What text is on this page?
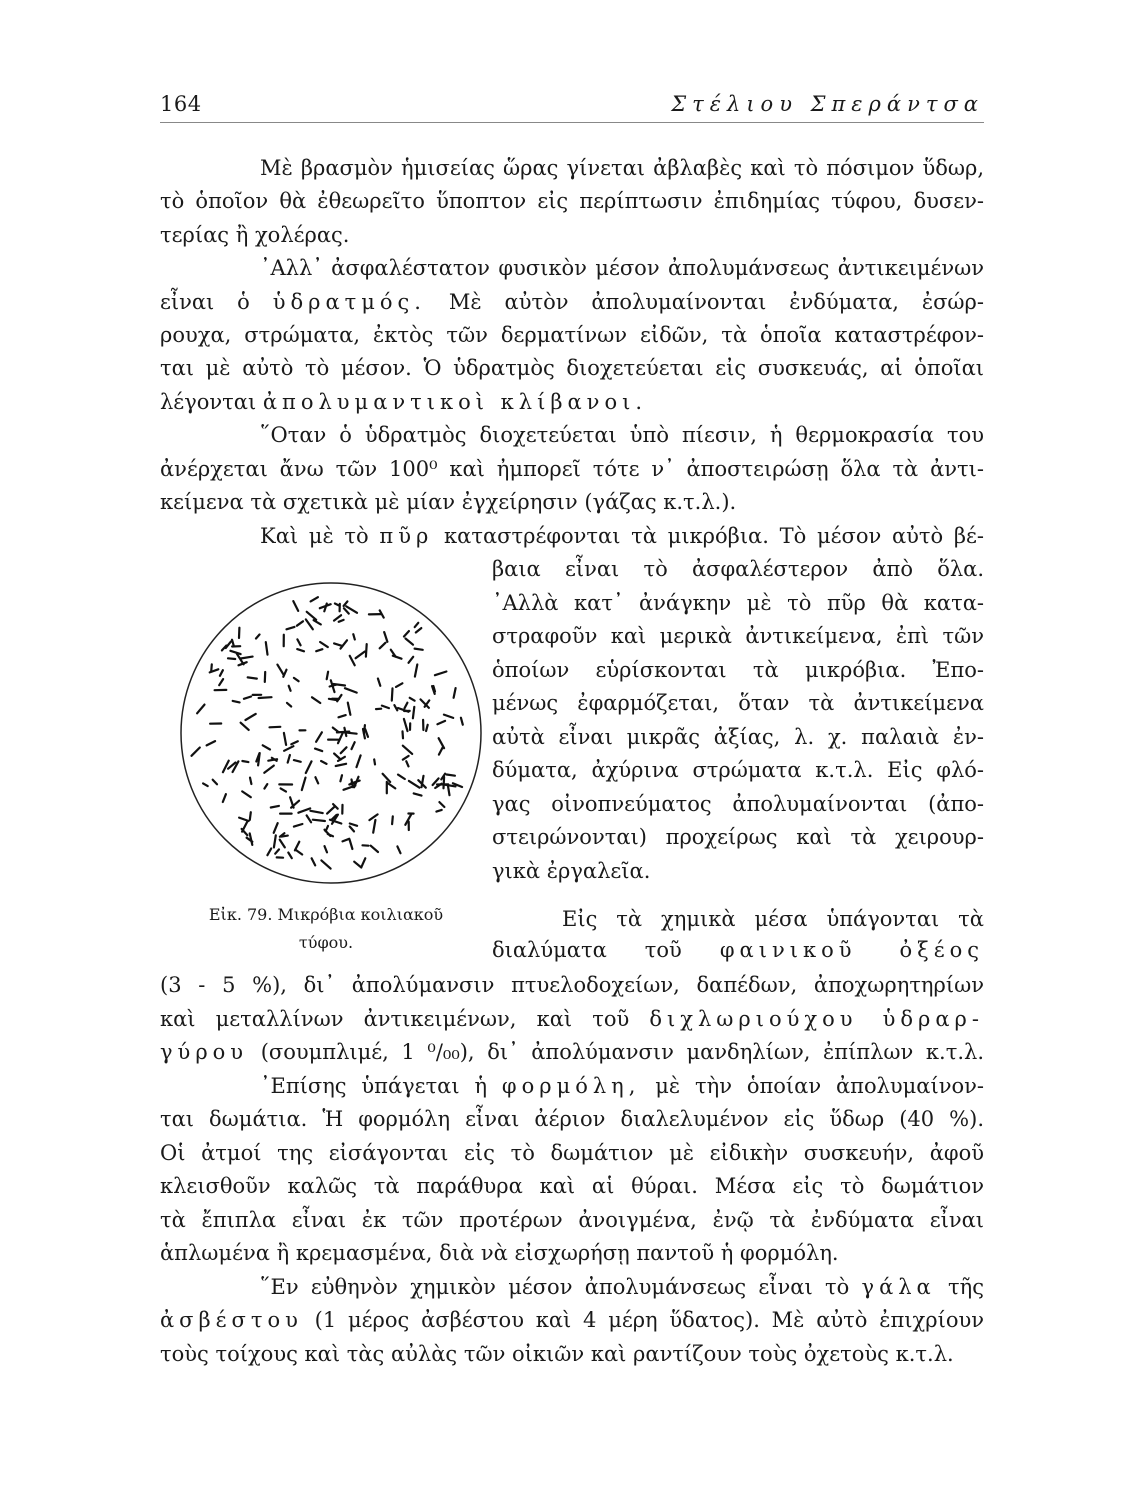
164	Στέλιου Σπεράντσα
Μὲ βρασμὸν ἡμισείας ὥρας γίνεται ἀβλαβὲς καὶ τὸ πόσιμον ὕδωρ,
τὸ ὁποῖον θὰ ἐθεωρεῖτο ὕποπτον εἰς περίπτωσιν ἐπιδημίας τύφου, δυσεν-
τερίας ἢ χολέρας.
᾿Αλλ᾿ ἀσφαλέστατον φυσικὸν μέσον ἀπολυμάνσεως ἀντικειμένων
εἶναι ὁ ὑδρατμός. Μὲ αὐτὸν ἀπολυμαίνονται ἐνδύματα, ἐσώρ-
ρουχα, στρώματα, ἐκτὸς τῶν δερματίνων εἰδῶν, τὰ ὁποῖα καταστρέφον-
ται μὲ αὐτὸ τὸ μέσον. Ὁ ὑδρατμὸς διοχετεύεται εἰς συσκευάς, αἱ ὁποῖαι
λέγονται ἀπολυμαντικοὶ κλίβανοι.
῞Οταν ὁ ὑδρατμὸς διοχετεύεται ὑπὸ πίεσιν, ἡ θερμοκρασία του
ἀνέρχεται ἄνω τῶν 100⁰ καὶ ἠμπορεῖ τότε ν᾿ ἀποστειρώσῃ ὅλα τὰ ἀντι-
κείμενα τὰ σχετικὰ μὲ μίαν ἐγχείρησιν (γάζας κ.τ.λ.).
Καὶ μὲ τὸ πῦρ καταστρέφονται τὰ μικρόβια. Τὸ μέσον αὐτὸ βέ-
βαια εἶναι τὸ ἀσφαλέστερον ἀπὸ ὅλα.
᾿Αλλὰ κατ᾿ ἀνάγκην μὲ τὸ πῦρ θὰ κατα-
στραφοῦν καὶ μερικὰ ἀντικείμενα, ἐπὶ τῶν
ὁποίων εὑρίσκονται τὰ μικρόβια. Ἐπο-
μένως ἐφαρμόζεται, ὅταν τὰ ἀντικείμενα
αὐτὰ εἶναι μικρᾶς ἀξίας, λ. χ. παλαιὰ ἐν-
δύματα, ἀχύρινα στρώματα κ.τ.λ. Εἰς φλό-
γας οἰνοπνεύματος ἀπολυμαίνονται (ἀπο-
στειρώνονται) προχείρως καὶ τὰ χειρουρ-
γικὰ ἐργαλεῖα.
Εἰκ. 79. Μικρόβια κοιλιακοῦ
τύφου.
Εἰς τὰ χημικὰ μέσα ὑπάγονται τὰ
διαλύματα τοῦ φαινικοῦ ὀξέος
(3 - 5 %), δι᾿ ἀπολύμανσιν πτυελοδοχείων, δαπέδων, ἀποχωρητηρίων
καὶ μεταλλίνων ἀντικειμένων, καὶ τοῦ διχλωριούχου ὑδραρ-
γύρου (σουμπλιμέ, 1 ⁰/₀₀), δι᾿ ἀπολύμανσιν μανδηλίων, ἐπίπλων κ.τ.λ.
᾿Επίσης ὑπάγεται ἡ φορμόλη, μὲ τὴν ὁποίαν ἀπολυμαίνον-
ται δωμάτια. Ἡ φορμόλη εἶναι ἀέριον διαλελυμένον εἰς ὕδωρ (40 %).
Οἱ ἀτμοί της εἰσάγονται εἰς τὸ δωμάτιον μὲ εἰδικὴν συσκευήν, ἀφοῦ
κλεισθοῦν καλῶς τὰ παράθυρα καὶ αἱ θύραι. Μέσα εἰς τὸ δωμάτιον
τὰ ἔπιπλα εἶναι ἐκ τῶν προτέρων ἀνοιγμένα, ἐνῷ τὰ ἐνδύματα εἶναι
ἁπλωμένα ἢ κρεμασμένα, διὰ νὰ εἰσχωρήσῃ παντοῦ ἡ φορμόλη.
῞Εν εὐθηνὸν χημικὸν μέσον ἀπολυμάνσεως εἶναι τὸ γάλα τῆς
ἀσβέστου (1 μέρος ἀσβέστου καὶ 4 μέρη ὕδατος). Μὲ αὐτὸ ἐπιχρίουν
τοὺς τοίχους καὶ τὰς αὐλὰς τῶν οἰκιῶν καὶ ραντίζουν τοὺς ὀχετοὺς κ.τ.λ.
